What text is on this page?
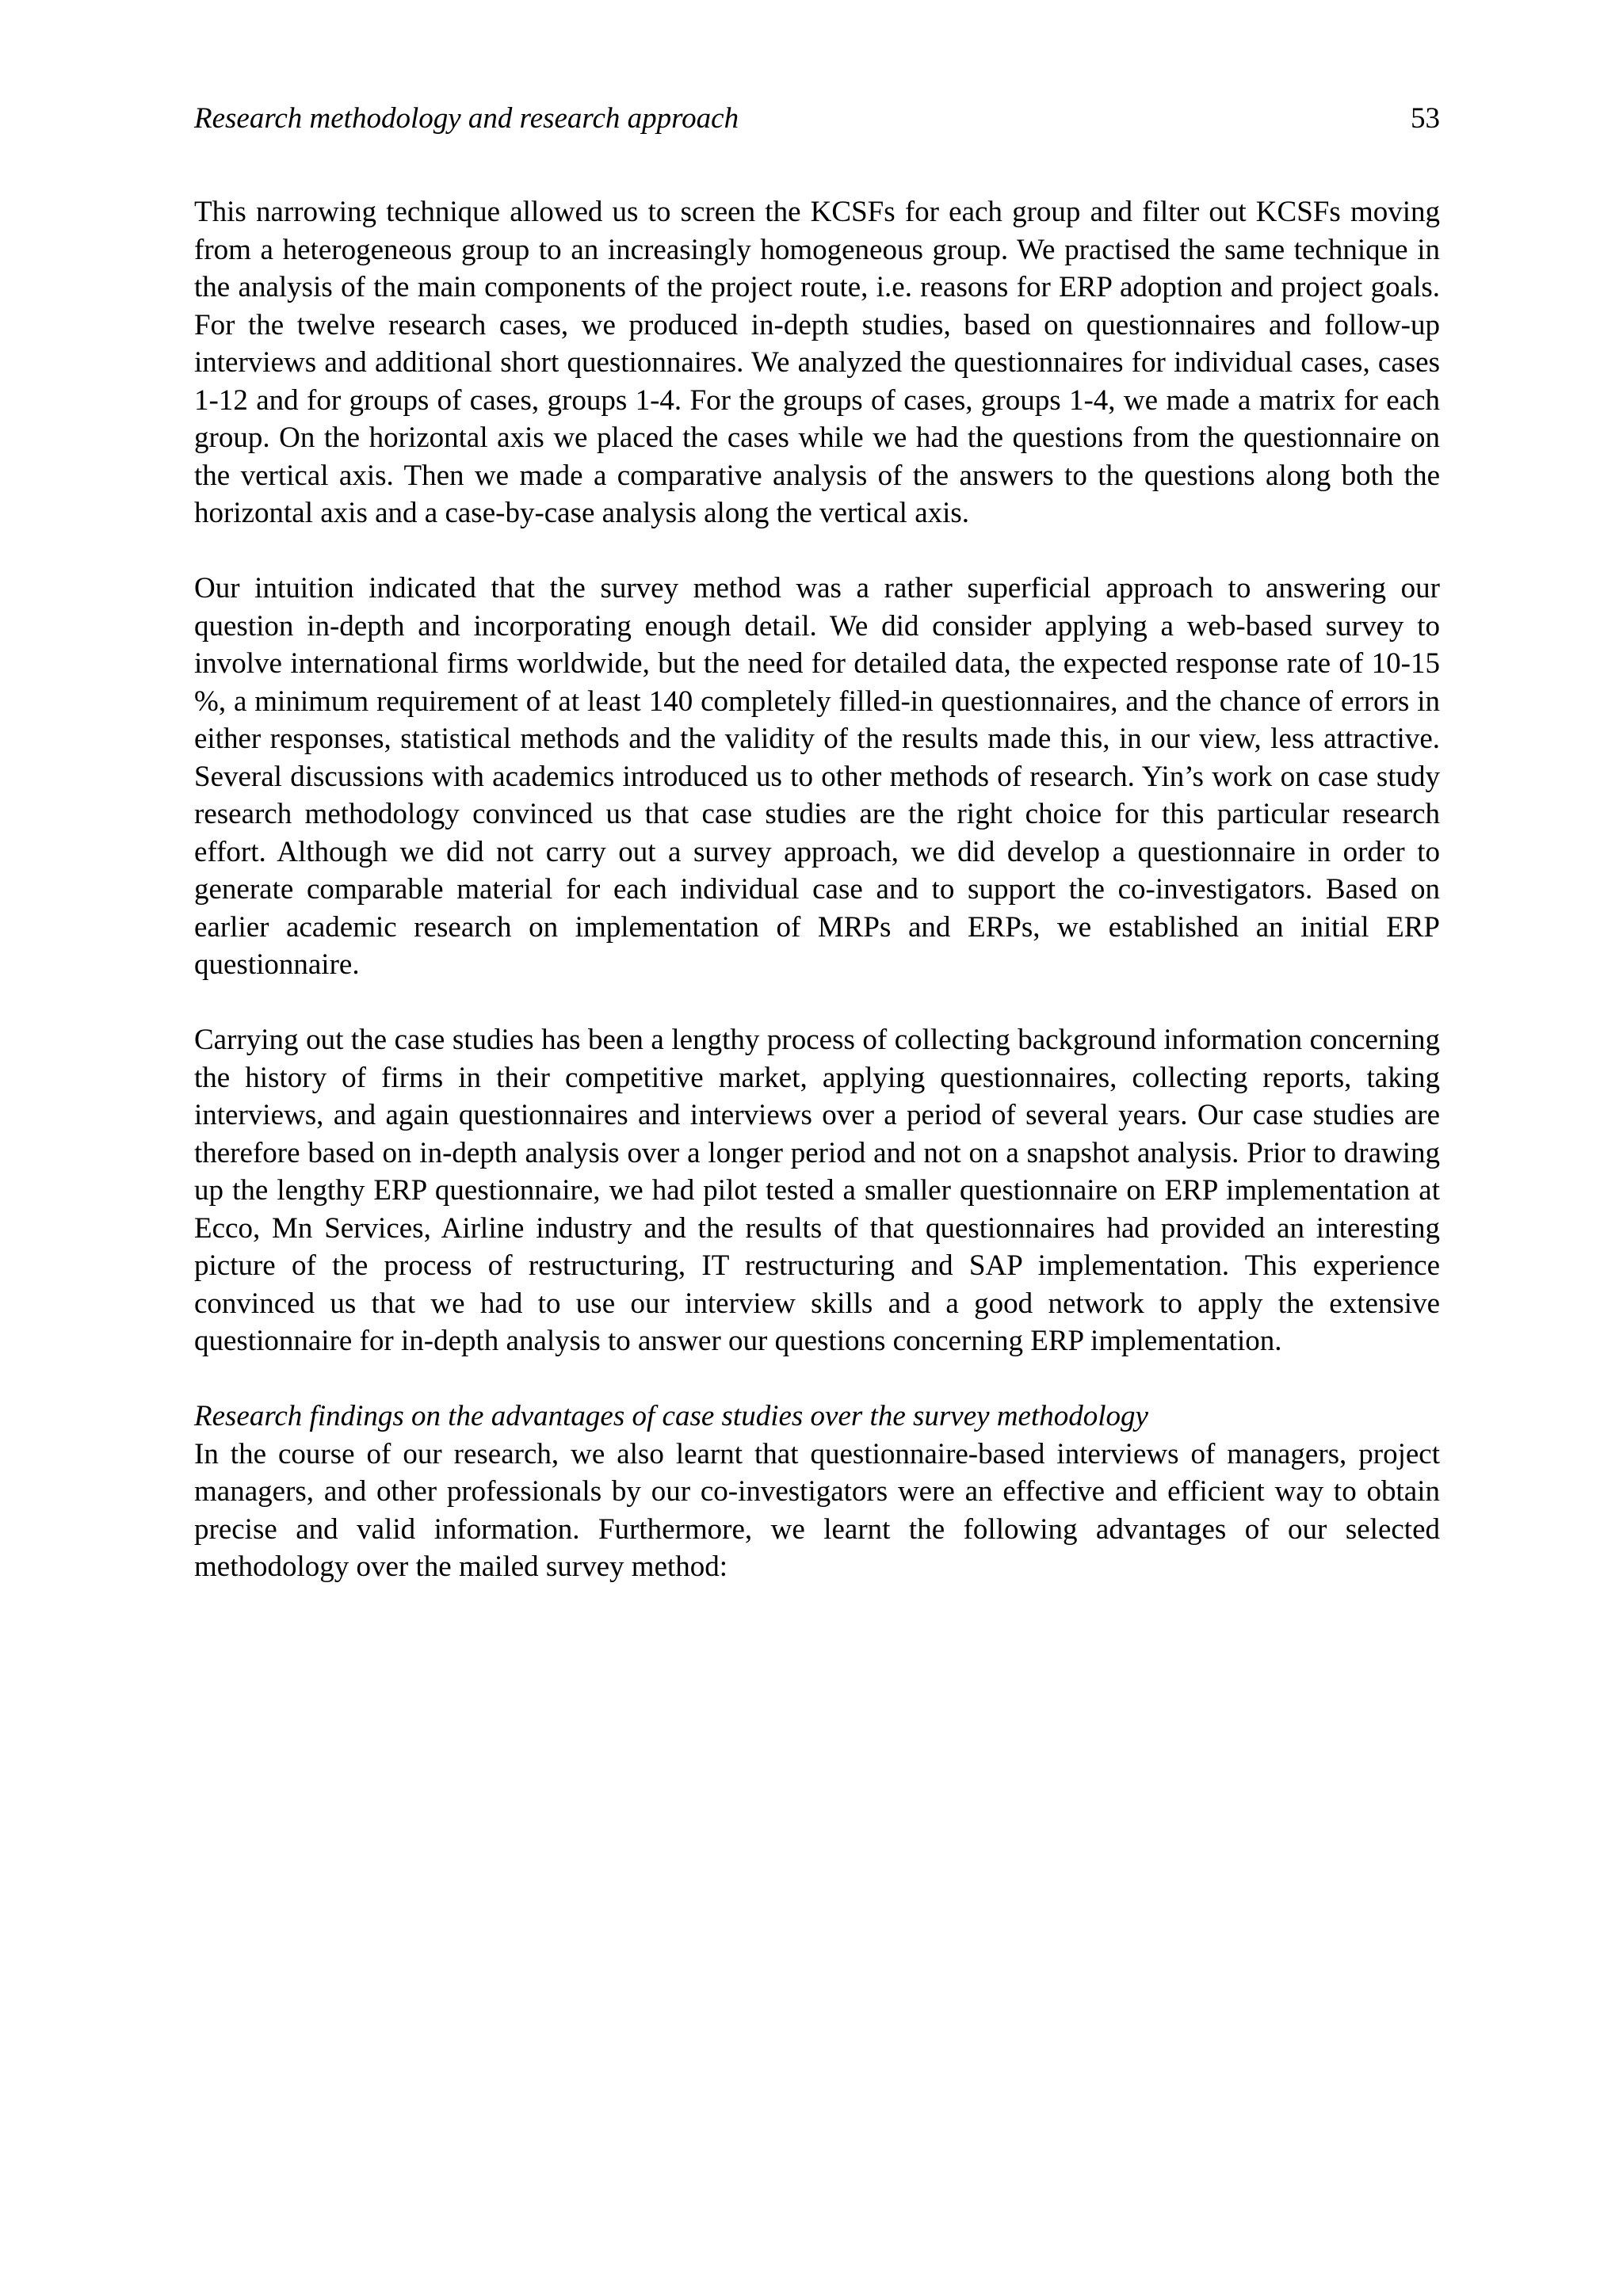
Research methodology and research approach	53

This narrowing technique allowed us to screen the KCSFs for each group and filter out KCSFs moving from a heterogeneous group to an increasingly homogeneous group. We practised the same technique in the analysis of the main components of the project route, i.e. reasons for ERP adoption and project goals. For the twelve research cases, we produced in-depth studies, based on questionnaires and follow-up interviews and additional short questionnaires. We analyzed the questionnaires for individual cases, cases 1-12 and for groups of cases, groups 1-4. For the groups of cases, groups 1-4, we made a matrix for each group. On the horizontal axis we placed the cases while we had the questions from the questionnaire on the vertical axis. Then we made a comparative analysis of the answers to the questions along both the horizontal axis and a case-by-case analysis along the vertical axis.

Our intuition indicated that the survey method was a rather superficial approach to answering our question in-depth and incorporating enough detail. We did consider applying a web-based survey to involve international firms worldwide, but the need for detailed data, the expected response rate of 10-15 %, a minimum requirement of at least 140 completely filled-in questionnaires, and the chance of errors in either responses, statistical methods and the validity of the results made this, in our view, less attractive. Several discussions with academics introduced us to other methods of research. Yin’s work on case study research methodology convinced us that case studies are the right choice for this particular research effort. Although we did not carry out a survey approach, we did develop a questionnaire in order to generate comparable material for each individual case and to support the co-investigators. Based on earlier academic research on implementation of MRPs and ERPs, we established an initial ERP questionnaire.

Carrying out the case studies has been a lengthy process of collecting background information concerning the history of firms in their competitive market, applying questionnaires, collecting reports, taking interviews, and again questionnaires and interviews over a period of several years. Our case studies are therefore based on in-depth analysis over a longer period and not on a snapshot analysis. Prior to drawing up the lengthy ERP questionnaire, we had pilot tested a smaller questionnaire on ERP implementation at Ecco, Mn Services, Airline industry and the results of that questionnaires had provided an interesting picture of the process of restructuring, IT restructuring and SAP implementation. This experience convinced us that we had to use our interview skills and a good network to apply the extensive questionnaire for in-depth analysis to answer our questions concerning ERP implementation.

Research findings on the advantages of case studies over the survey methodology

In the course of our research, we also learnt that questionnaire-based interviews of managers, project managers, and other professionals by our co-investigators were an effective and efficient way to obtain precise and valid information. Furthermore, we learnt the following advantages of our selected methodology over the mailed survey method:
